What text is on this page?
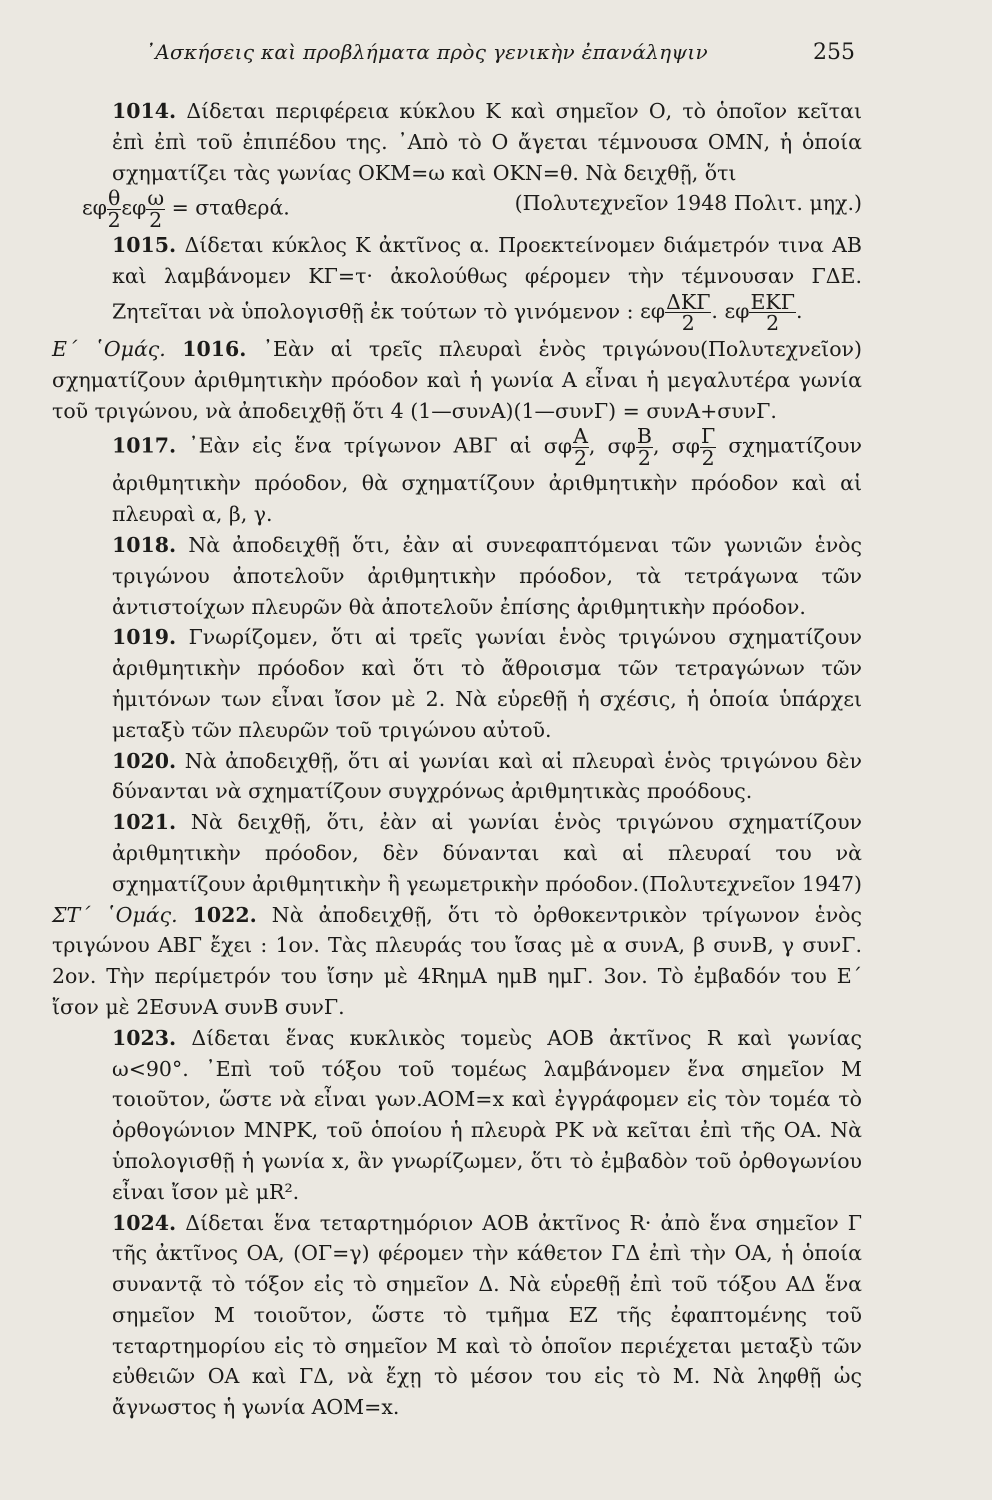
᾿Ασκήσεις καὶ προβλήματα πρὸς γενικὴν ἐπανάληψιν	255

1014. Δίδεται περιφέρεια κύκλου Κ καὶ σημεῖον Ο, τὸ ὁποῖον κεῖται ἐπὶ ἐπὶ τοῦ ἐπιπέδου της. ᾿Απὸ τὸ Ο ἄγεται τέμνουσα ΟΜΝ, ἡ ὁποία σχηματίζει τὰς γωνίας ΟΚΜ=ω καὶ ΟΚΝ=θ. Νὰ δειχθῇ, ὅτι

εφ $\frac{\theta}{2}$ εφ $\frac{\omega}{2} = \sigma\tau\alpha\theta\varepsilon\rho ά$.	(Πολυτεχνεῖον 1948 Πολιτ. μηχ.)

1015. Δίδεται κύκλος Κ ἀκτῖνος α. Προεκτείνομεν διάμετρόν τινα ΑΒ καὶ λαμβάνομεν ΚΓ=τ· ἀκολούθως φέρομεν τὴν τέμνουσαν ΓΔΕ. Ζητεῖται νὰ ὑπολογισθῇ ἐκ τούτων τὸ γινόμενον : εφ $\frac{\text{ΔΚΓ}}{2}$ . εφ $\frac{\text{ΕΚΓ}}{2}$ .
(Πολυτεχνεῖον)

Ε΄ ῾Ομάς. 1016. ᾿Εὰν αἱ τρεῖς πλευραὶ ἑνὸς τριγώνου σχηματίζουν ἀριθμητικὴν πρόοδον καὶ ἡ γωνία Α εἶναι ἡ μεγαλυτέρα γωνία τοῦ τριγώνου, νὰ ἀποδειχθῇ ὅτι 4 (1—συνΑ)(1—συνΓ) = συνΑ+συνΓ.

1017. ᾿Εὰν εἰς ἕνα τρίγωνον ΑΒΓ αἱ σφ $\frac{A}{2}$ , σφ $\frac{B}{2}$ , σφ $\frac{\Gamma}{2}$ σχηματίζουν ἀριθμητικὴν πρόοδον, θὰ σχηματίζουν ἀριθμητικὴν πρόοδον καὶ αἱ πλευραὶ α, β, γ.

1018. Νὰ ἀποδειχθῇ ὅτι, ἐὰν αἱ συνεφαπτόμεναι τῶν γωνιῶν ἑνὸς τριγώνου ἀποτελοῦν ἀριθμητικὴν πρόοδον, τὰ τετράγωνα τῶν ἀντιστοίχων πλευρῶν θὰ ἀποτελοῦν ἐπίσης ἀριθμητικὴν πρόοδον.

1019. Γνωρίζομεν, ὅτι αἱ τρεῖς γωνίαι ἑνὸς τριγώνου σχηματίζουν ἀριθμητικὴν πρόοδον καὶ ὅτι τὸ ἄθροισμα τῶν τετραγώνων τῶν ἡμιτόνων των εἶναι ἴσον μὲ 2. Νὰ εὑρεθῇ ἡ σχέσις, ἡ ὁποία ὑπάρχει μεταξὺ τῶν πλευρῶν τοῦ τριγώνου αὐτοῦ.

1020. Νὰ ἀποδειχθῇ, ὅτι αἱ γωνίαι καὶ αἱ πλευραὶ ἑνὸς τριγώνου δὲν δύνανται νὰ σχηματίζουν συγχρόνως ἀριθμητικὰς προόδους.

1021. Νὰ δειχθῇ, ὅτι, ἐὰν αἱ γωνίαι ἑνὸς τριγώνου σχηματίζουν ἀριθμητικὴν πρόοδον, δὲν δύνανται καὶ αἱ πλευραί του νὰ σχηματίζουν ἀριθμητικὴν ἢ γεωμετρικὴν πρόοδον. (Πολυτεχνεῖον 1947)

ΣΤ΄ ῾Ομάς. 1022. Νὰ ἀποδειχθῇ, ὅτι τὸ ὀρθοκεντρικὸν τρίγωνον ἑνὸς τριγώνου ΑΒΓ ἔχει : 1ον. Τὰς πλευράς του ἴσας μὲ α συνΑ, β συνΒ, γ συνΓ. 2ον. Τὴν περίμετρόν του ἴσην μὲ 4RημΑ ημΒ ημΓ. 3ον. Τὸ ἐμβαδόν του Ε΄ ἴσον μὲ 2ΕσυνΑ συνΒ συνΓ.

1023. Δίδεται ἕνας κυκλικὸς τομεὺς ΑΟΒ ἀκτῖνος R καὶ γωνίας ω<90°. ᾿Επὶ τοῦ τόξου τοῦ τομέως λαμβάνομεν ἕνα σημεῖον Μ τοιοῦτον, ὥστε νὰ εἶναι γων.ΑΟΜ=x καὶ ἐγγράφομεν εἰς τὸν τομέα τὸ ὀρθογώνιον ΜΝΡΚ, τοῦ ὁποίου ἡ πλευρὰ ΡΚ νὰ κεῖται ἐπὶ τῆς ΟΑ. Νὰ ὑπολογισθῇ ἡ γωνία x, ἂν γνωρίζωμεν, ὅτι τὸ ἐμβαδὸν τοῦ ὀρθογωνίου εἶναι ἴσον μὲ μR².

1024. Δίδεται ἕνα τεταρτημόριον ΑΟΒ ἀκτῖνος R· ἀπὸ ἕνα σημεῖον Γ τῆς ἀκτῖνος ΟΑ, (ΟΓ=γ) φέρομεν τὴν κάθετον ΓΔ ἐπὶ τὴν ΟΑ, ἡ ὁποία συναντᾷ τὸ τόξον εἰς τὸ σημεῖον Δ. Νὰ εὑρεθῇ ἐπὶ τοῦ τόξου ΑΔ ἕνα σημεῖον Μ τοιοῦτον, ὥστε τὸ τμῆμα ΕΖ τῆς ἐφαπτομένης τοῦ τεταρτημορίου εἰς τὸ σημεῖον Μ καὶ τὸ ὁποῖον περιέχεται μεταξὺ τῶν εὐθειῶν ΟΑ καὶ ΓΔ, νὰ ἔχῃ τὸ μέσον του εἰς τὸ Μ. Νὰ ληφθῇ ὡς ἄγνωστος ἡ γωνία ΑΟΜ=x.
